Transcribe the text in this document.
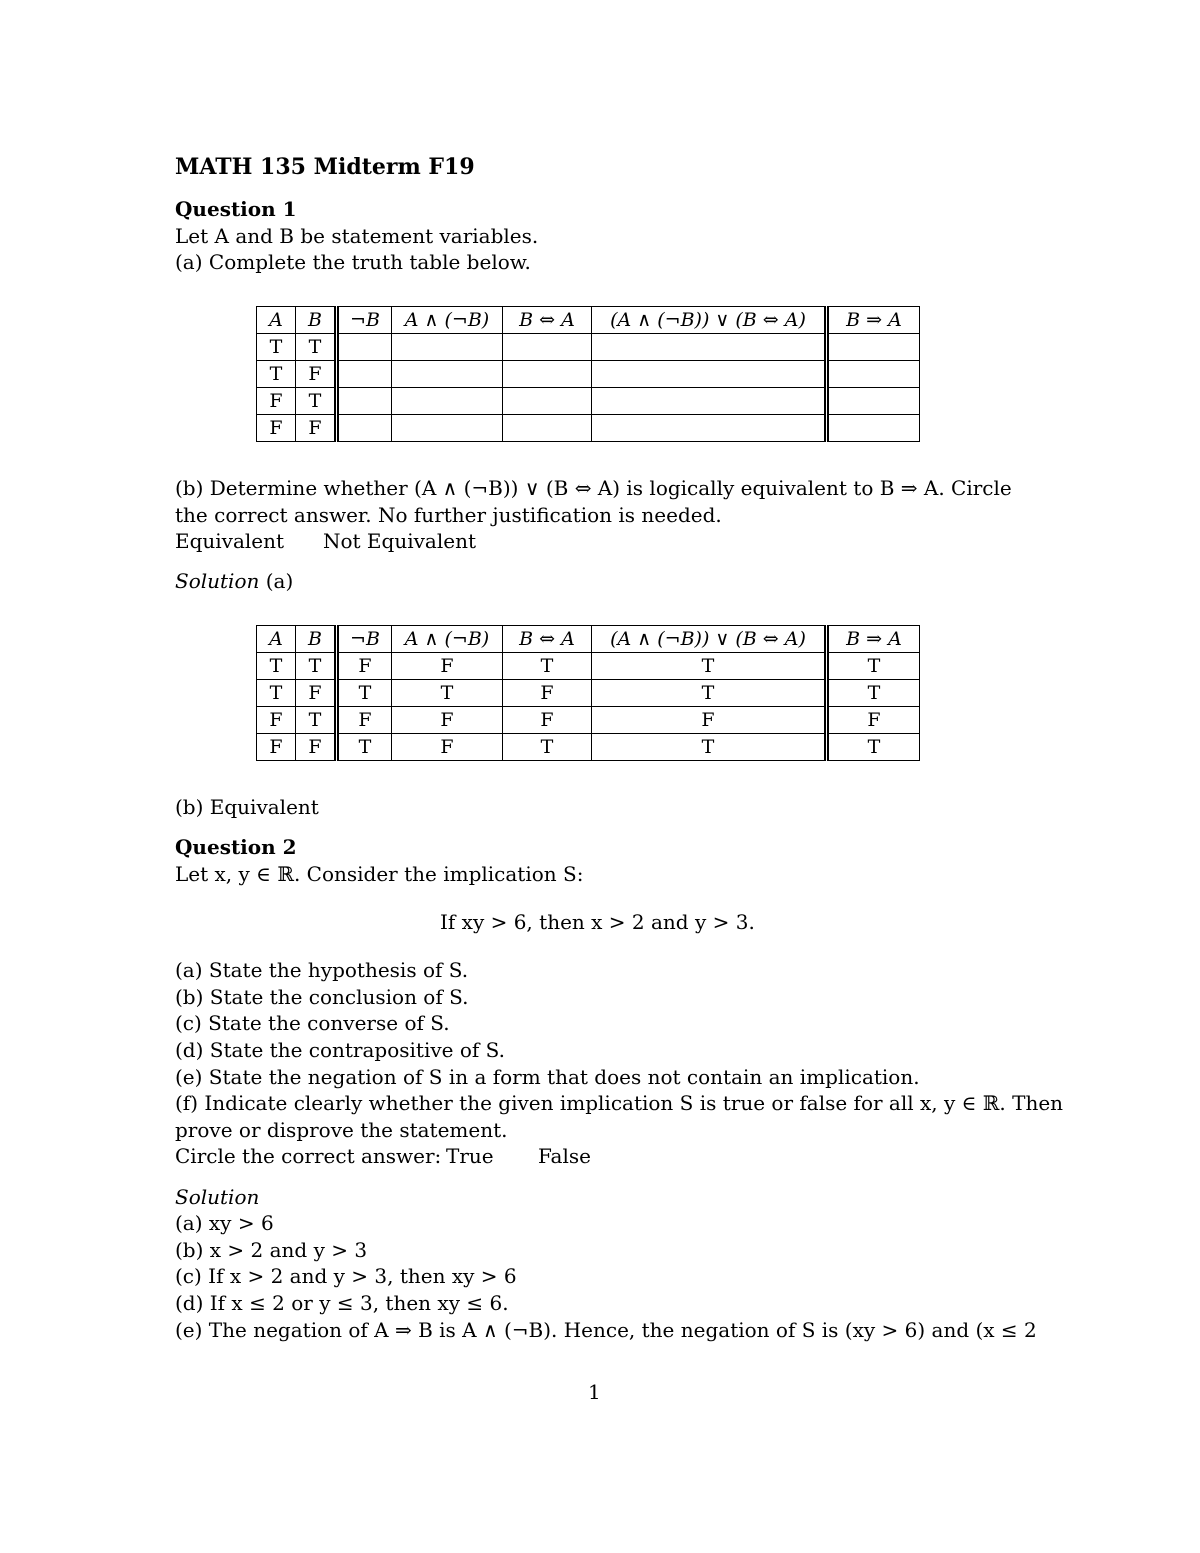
MATH 135 Midterm F19
Question 1
Let A and B be statement variables.
(a) Complete the truth table below.
A	B	¬B	A ∧ (¬B)	B ⇔ A	(A ∧ (¬B)) ∨ (B ⇔ A)	B ⇒ A
T	T					
T	F					
F	T					
F	F					
(b) Determine whether (A ∧ (¬B)) ∨ (B ⇔ A) is logically equivalent to B ⇒ A. Circle
the correct answer. No further justification is needed.
Equivalent Not Equivalent
Solution (a)
A	B	¬B	A ∧ (¬B)	B ⇔ A	(A ∧ (¬B)) ∨ (B ⇔ A)	B ⇒ A
T	T	F	F	T	T	T
T	F	T	T	F	T	T
F	T	F	F	F	F	F
F	F	T	F	T	T	T
(b) Equivalent
Question 2
Let x, y ∈ ℝ. Consider the implication S:
If xy > 6, then x > 2 and y > 3.
(a) State the hypothesis of S.
(b) State the conclusion of S.
(c) State the converse of S.
(d) State the contrapositive of S.
(e) State the negation of S in a form that does not contain an implication.
(f) Indicate clearly whether the given implication S is true or false for all x, y ∈ ℝ. Then
prove or disprove the statement.
Circle the correct answer: True False
Solution
(a) xy > 6
(b) x > 2 and y > 3
(c) If x > 2 and y > 3, then xy > 6
(d) If x ≤ 2 or y ≤ 3, then xy ≤ 6.
(e) The negation of A ⇒ B is A ∧ (¬B). Hence, the negation of S is (xy > 6) and (x ≤ 2
1
